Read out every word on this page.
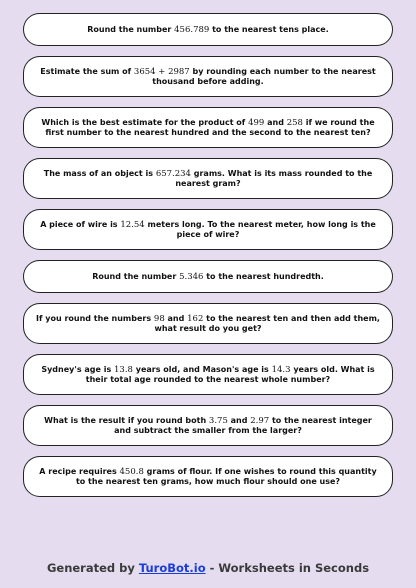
Round the number 456.789 to the nearest tens place.
Estimate the sum of 3654 + 2987 by rounding each number to the nearest thousand before adding.
Which is the best estimate for the product of 499 and 258 if we round the first number to the nearest hundred and the second to the nearest ten?
The mass of an object is 657.234 grams. What is its mass rounded to the nearest gram?
A piece of wire is 12.54 meters long. To the nearest meter, how long is the piece of wire?
Round the number 5.346 to the nearest hundredth.
If you round the numbers 98 and 162 to the nearest ten and then add them, what result do you get?
Sydney's age is 13.8 years old, and Mason's age is 14.3 years old. What is their total age rounded to the nearest whole number?
What is the result if you round both 3.75 and 2.97 to the nearest integer and subtract the smaller from the larger?
A recipe requires 450.8 grams of flour. If one wishes to round this quantity to the nearest ten grams, how much flour should one use?
Generated by TuroBot.io - Worksheets in Seconds
